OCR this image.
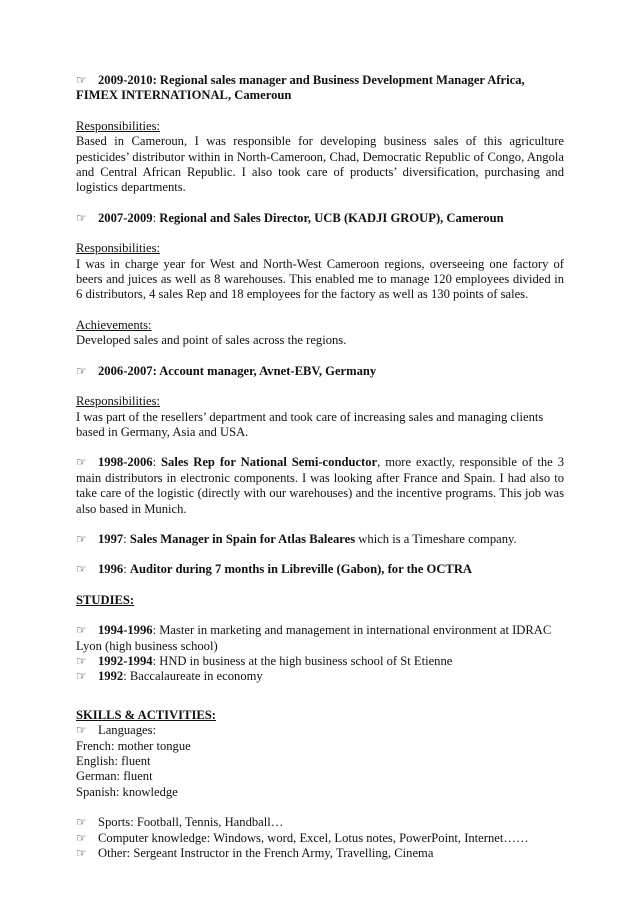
☞ 2009-2010: Regional sales manager and Business Development Manager Africa,

FIMEX INTERNATIONAL, Cameroun

Responsibilities:

Based in Cameroun, I was responsible for developing business sales of this agriculture pesticides’ distributor within in North-Cameroon, Chad, Democratic Republic of Congo, Angola and Central African Republic. I also took care of products’ diversification, purchasing and logistics departments.

☞ 2007-2009: Regional and Sales Director, UCB (KADJI GROUP), Cameroun

Responsibilities:

I was in charge year for West and North-West Cameroon regions, overseeing one factory of beers and juices as well as 8 warehouses. This enabled me to manage 120 employees divided in 6 distributors, 4 sales Rep and 18 employees for the factory as well as 130 points of sales.

Achievements:

Developed sales and point of sales across the regions.

☞ 2006-2007: Account manager, Avnet-EBV, Germany

Responsibilities:

I was part of the resellers’ department and took care of increasing sales and managing clients based in Germany, Asia and USA.

☞ 1998-2006: Sales Rep for National Semi-conductor, more exactly, responsible of the 3 main distributors in electronic components. I was looking after France and Spain. I had also to take care of the logistic (directly with our warehouses) and the incentive programs. This job was also based in Munich.

☞ 1997: Sales Manager in Spain for Atlas Baleares which is a Timeshare company.

☞ 1996: Auditor during 7 months in Libreville (Gabon), for the OCTRA

STUDIES:

☞ 1994-1996: Master in marketing and management in international environment at IDRAC Lyon (high business school)

☞ 1992-1994: HND in business at the high business school of St Etienne

☞ 1992: Baccalaureate in economy

SKILLS & ACTIVITIES:

☞ Languages:

French: mother tongue

English: fluent

German: fluent

Spanish: knowledge

☞ Sports: Football, Tennis, Handball…

☞ Computer knowledge: Windows, word, Excel, Lotus notes, PowerPoint, Internet……

☞ Other: Sergeant Instructor in the French Army, Travelling, Cinema
